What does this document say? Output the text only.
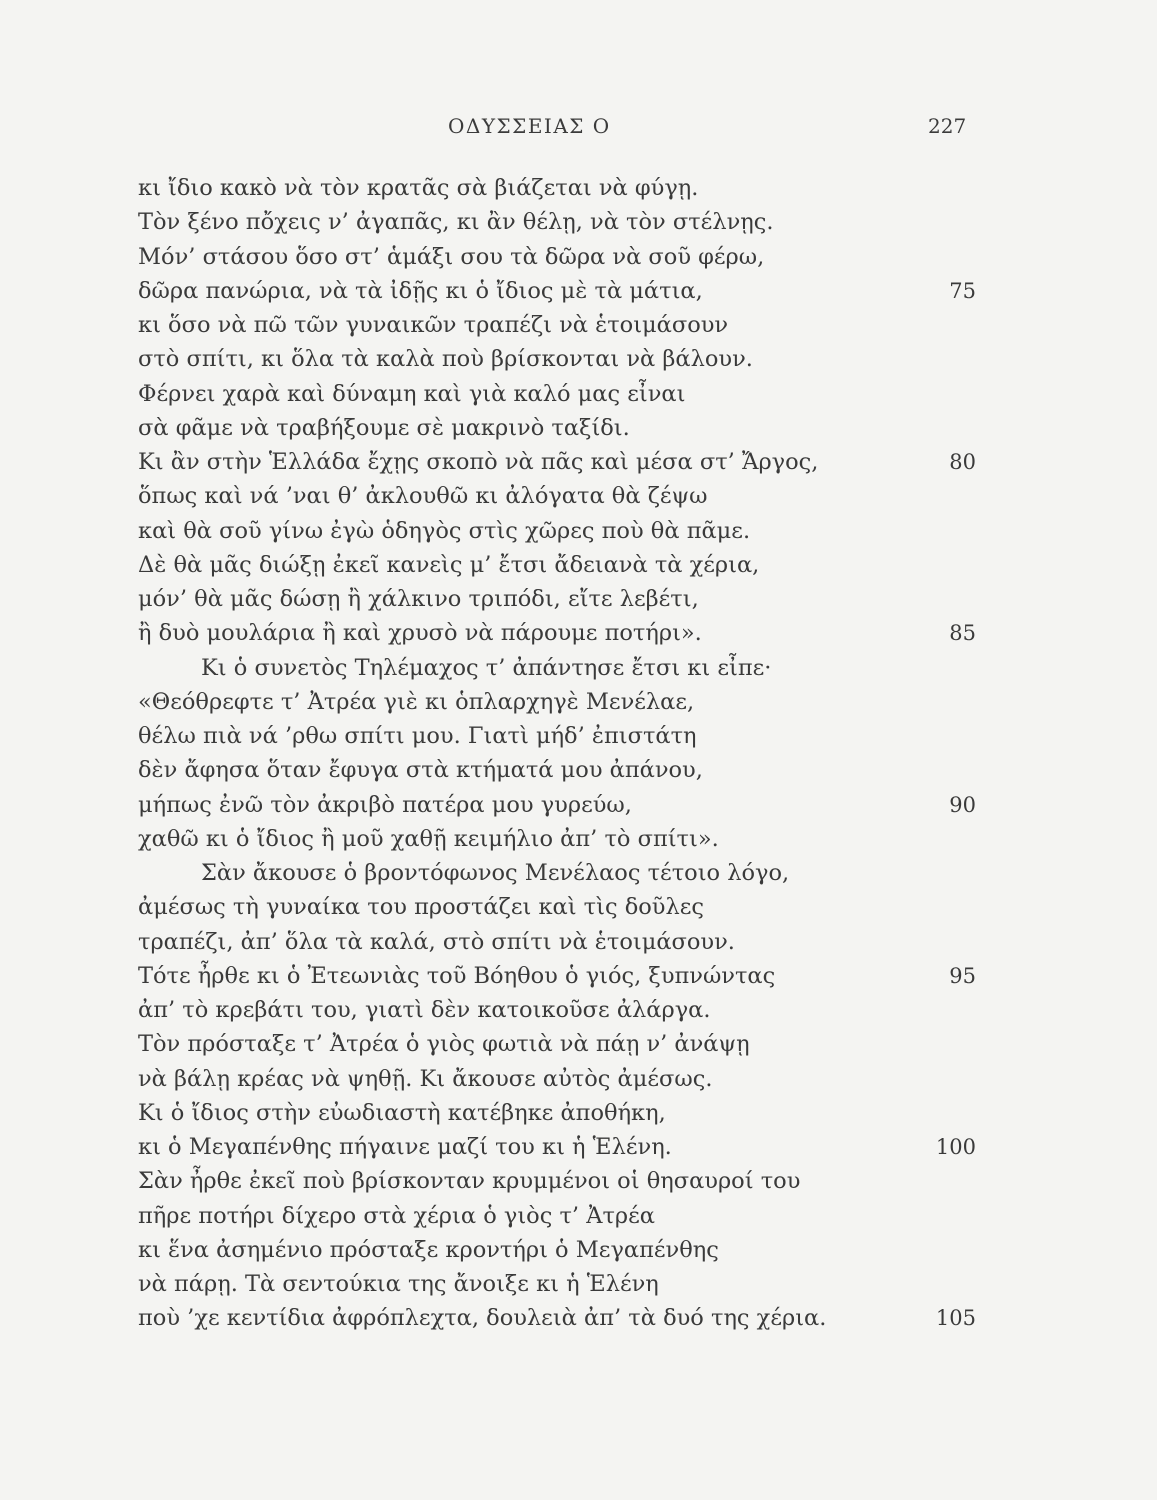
ΟΔΥΣΣΕΙΑΣ Ο	227
κι ἴδιο κακὸ νὰ τὸν κρατᾶς σὰ βιάζεται νὰ φύγῃ.
Τὸν ξένο πὄχεις ν’ ἀγαπᾶς, κι ἂν θέλῃ, νὰ τὸν στέλνῃς.
Μόν’ στάσου ὅσο στ’ ἁμάξι σου τὰ δῶρα νὰ σοῦ φέρω,
δῶρα πανώρια, νὰ τὰ ἰδῇς κι ὁ ἴδιος μὲ τὰ μάτια,	75
κι ὅσο νὰ πῶ τῶν γυναικῶν τραπέζι νὰ ἑτοιμάσουν
στὸ σπίτι, κι ὅλα τὰ καλὰ ποὺ βρίσκονται νὰ βάλουν.
Φέρνει χαρὰ καὶ δύναμη καὶ γιὰ καλό μας εἶναι
σὰ φᾶμε νὰ τραβήξουμε σὲ μακρινὸ ταξίδι.
Κι ἂν στὴν Ἑλλάδα ἔχῃς σκοπὸ νὰ πᾶς καὶ μέσα στ’ Ἄργος,	80
ὅπως καὶ νά ’ναι θ’ ἀκλουθῶ κι ἀλόγατα θὰ ζέψω
καὶ θὰ σοῦ γίνω ἐγὼ ὁδηγὸς στὶς χῶρες ποὺ θὰ πᾶμε.
Δὲ θὰ μᾶς διώξῃ ἐκεῖ κανεὶς μ’ ἔτσι ἄδειανὰ τὰ χέρια,
μόν’ θὰ μᾶς δώσῃ ἢ χάλκινο τριπόδι, εἴτε λεβέτι,
ἢ δυὸ μουλάρια ἢ καὶ χρυσὸ νὰ πάρουμε ποτήρι».	85
Κι ὁ συνετὸς Τηλέμαχος τ’ ἀπάντησε ἔτσι κι εἶπε·
«Θεόθρεφτε τ’ Ἀτρέα γιὲ κι ὁπλαρχηγὲ Μενέλαε,
θέλω πιὰ νά ’ρθω σπίτι μου. Γιατὶ μήδ’ ἐπιστάτη
δὲν ἄφησα ὅταν ἔφυγα στὰ κτήματά μου ἀπάνου,
μήπως ἐνῶ τὸν ἀκριβὸ πατέρα μου γυρεύω,	90
χαθῶ κι ὁ ἴδιος ἢ μοῦ χαθῇ κειμήλιο ἀπ’ τὸ σπίτι».
Σὰν ἄκουσε ὁ βροντόφωνος Μενέλαος τέτοιο λόγο,
ἀμέσως τὴ γυναίκα του προστάζει καὶ τὶς δοῦλες
τραπέζι, ἀπ’ ὅλα τὰ καλά, στὸ σπίτι νὰ ἑτοιμάσουν.
Τότε ἦρθε κι ὁ Ἐτεωνιὰς τοῦ Βόηθου ὁ γιός, ξυπνώντας	95
ἀπ’ τὸ κρεβάτι του, γιατὶ δὲν κατοικοῦσε ἀλάργα.
Τὸν πρόσταξε τ’ Ἀτρέα ὁ γιὸς φωτιὰ νὰ πάῃ ν’ ἀνάψῃ
νὰ βάλῃ κρέας νὰ ψηθῇ. Κι ἄκουσε αὐτὸς ἀμέσως.
Κι ὁ ἴδιος στὴν εὐωδιαστὴ κατέβηκε ἀποθήκη,
κι ὁ Μεγαπένθης πήγαινε μαζί του κι ἡ Ἑλένη.	100
Σὰν ἦρθε ἐκεῖ ποὺ βρίσκονταν κρυμμένοι οἱ θησαυροί του
πῆρε ποτήρι δίχερο στὰ χέρια ὁ γιὸς τ’ Ἀτρέα
κι ἕνα ἀσημένιο πρόσταξε κροντήρι ὁ Μεγαπένθης
νὰ πάρῃ. Τὰ σεντούκια της ἄνοιξε κι ἡ Ἑλένη
ποὺ ’χε κεντίδια ἀφρόπλεχτα, δουλειὰ ἀπ’ τὰ δυό της χέρια.	105
